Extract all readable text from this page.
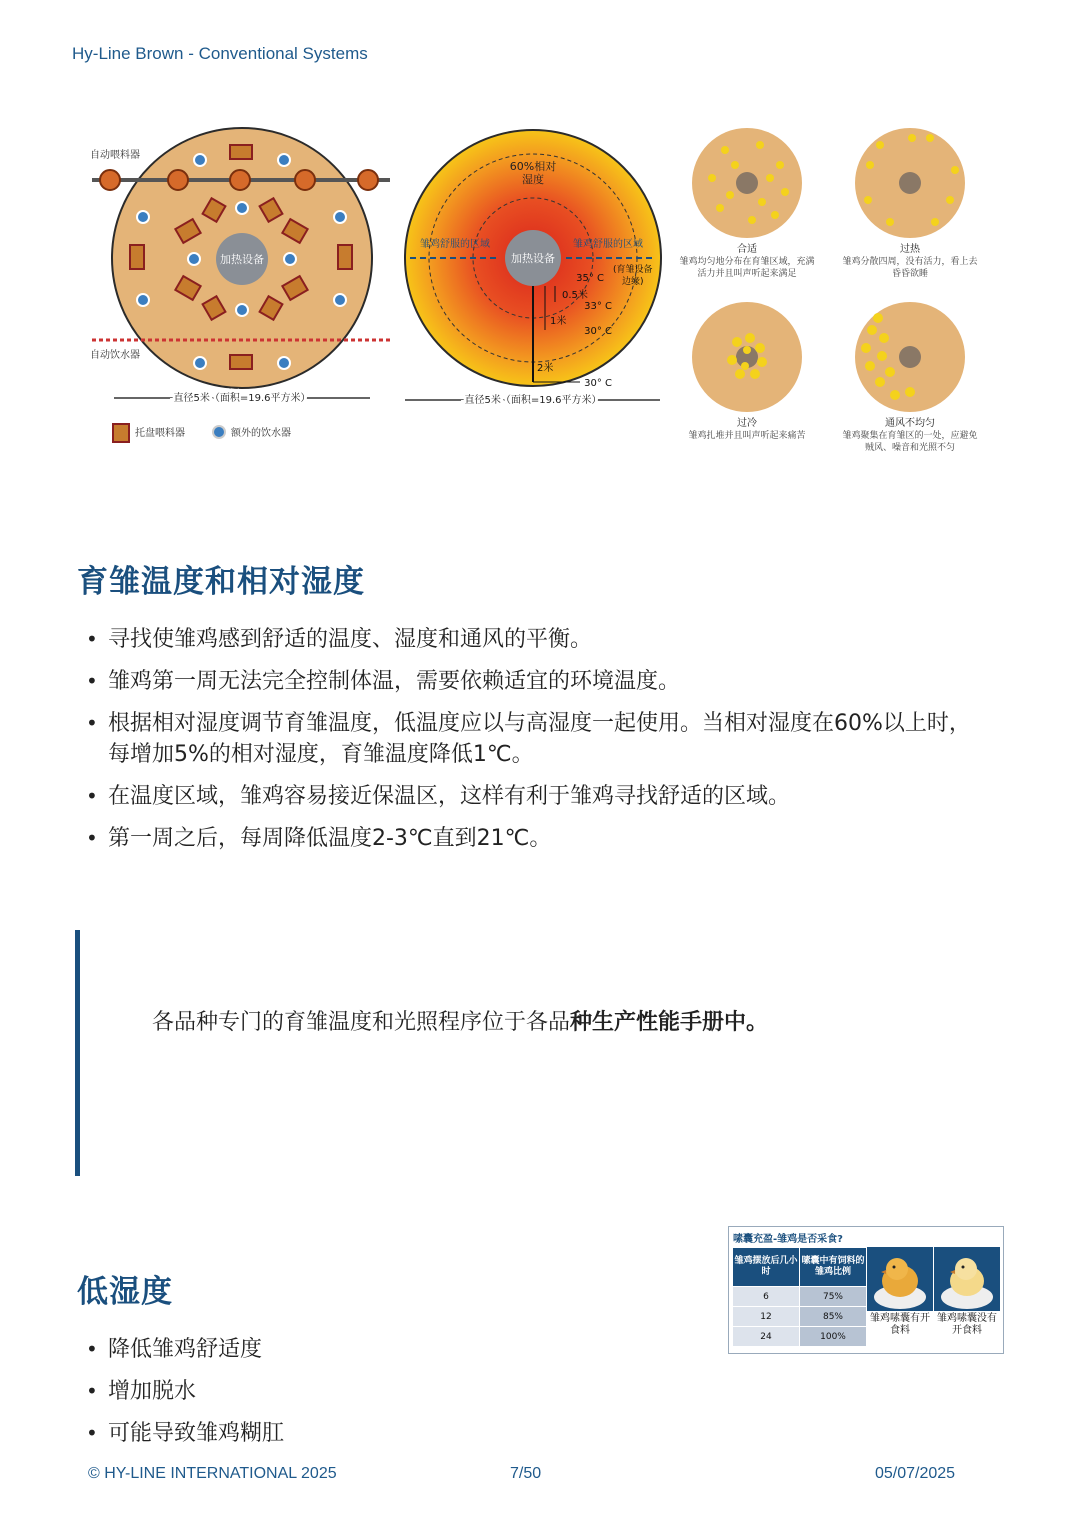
Hy-Line Brown - Conventional Systems
加热设备
自动喂料器
自动饮水器
直径5米（面积=19.6平方米）
托盘喂料器	额外的饮水器
加热设备
60%相对
湿度
雏鸡舒服的区域	雏鸡舒服的区域
35° C
(育雏设备
边缘)
0.5米
33° C
1米
30° C
2米
30° C
直径5米（面积=19.6平方米）
合适
雏鸡均匀地分布在育雏区域，充满
活力并且叫声听起来满足
过热
雏鸡分散四周，没有活力，看上去
昏昏欲睡
过冷
雏鸡扎堆并且叫声听起来痛苦
通风不均匀
雏鸡聚集在育雏区的一处，应避免
贼风、噪音和光照不匀
育雏温度和相对湿度
• 寻找使雏鸡感到舒适的温度、湿度和通风的平衡。
• 雏鸡第一周无法完全控制体温，需要依赖适宜的环境温度。
• 根据相对湿度调节育雏温度，低温度应以与高湿度一起使用。当相对湿度在60%以上时，每增加5%的相对湿度，育雏温度降低1℃。
• 在温度区域，雏鸡容易接近保温区，这样有利于雏鸡寻找舒适的区域。
• 第一周之后，每周降低温度2-3℃直到21℃。
各品种专门的育雏温度和光照程序位于各品种生产性能手册中。
低湿度
• 降低雏鸡舒适度
• 增加脱水
• 可能导致雏鸡糊肛
嗉囊充盈-雏鸡是否采食?
雏鸡摆放后几小时	嗉囊中有饲料的雏鸡比例
6	75%
12	85%
24	100%
雏鸡嗉囊有开食料
雏鸡嗉囊没有开食料
© HY-LINE INTERNATIONAL 2025	7/50	05/07/2025
